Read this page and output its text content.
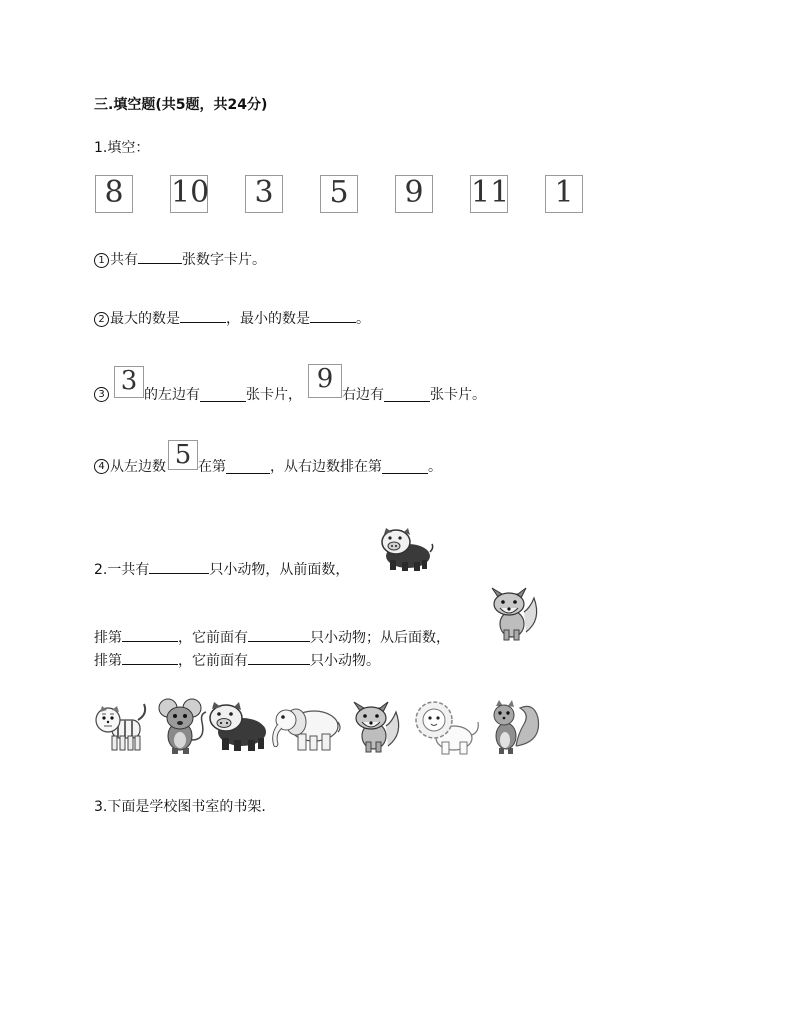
三.填空题(共5题，共24分)
1.填空：
8	10	3	5	9	11	1
1 共有	张数字卡片。
2 最大的数是	，最小的数是	。
3 3 的左边有	张卡片，
9
右边有	张卡片。
4 从左边数 5 在第	，从右边数排在第	。
2.一共有	只小动物，从前面数，
排第	，它前面有	只小动物；从后面数，
排第	，它前面有	只小动物。
3.下面是学校图书室的书架.
